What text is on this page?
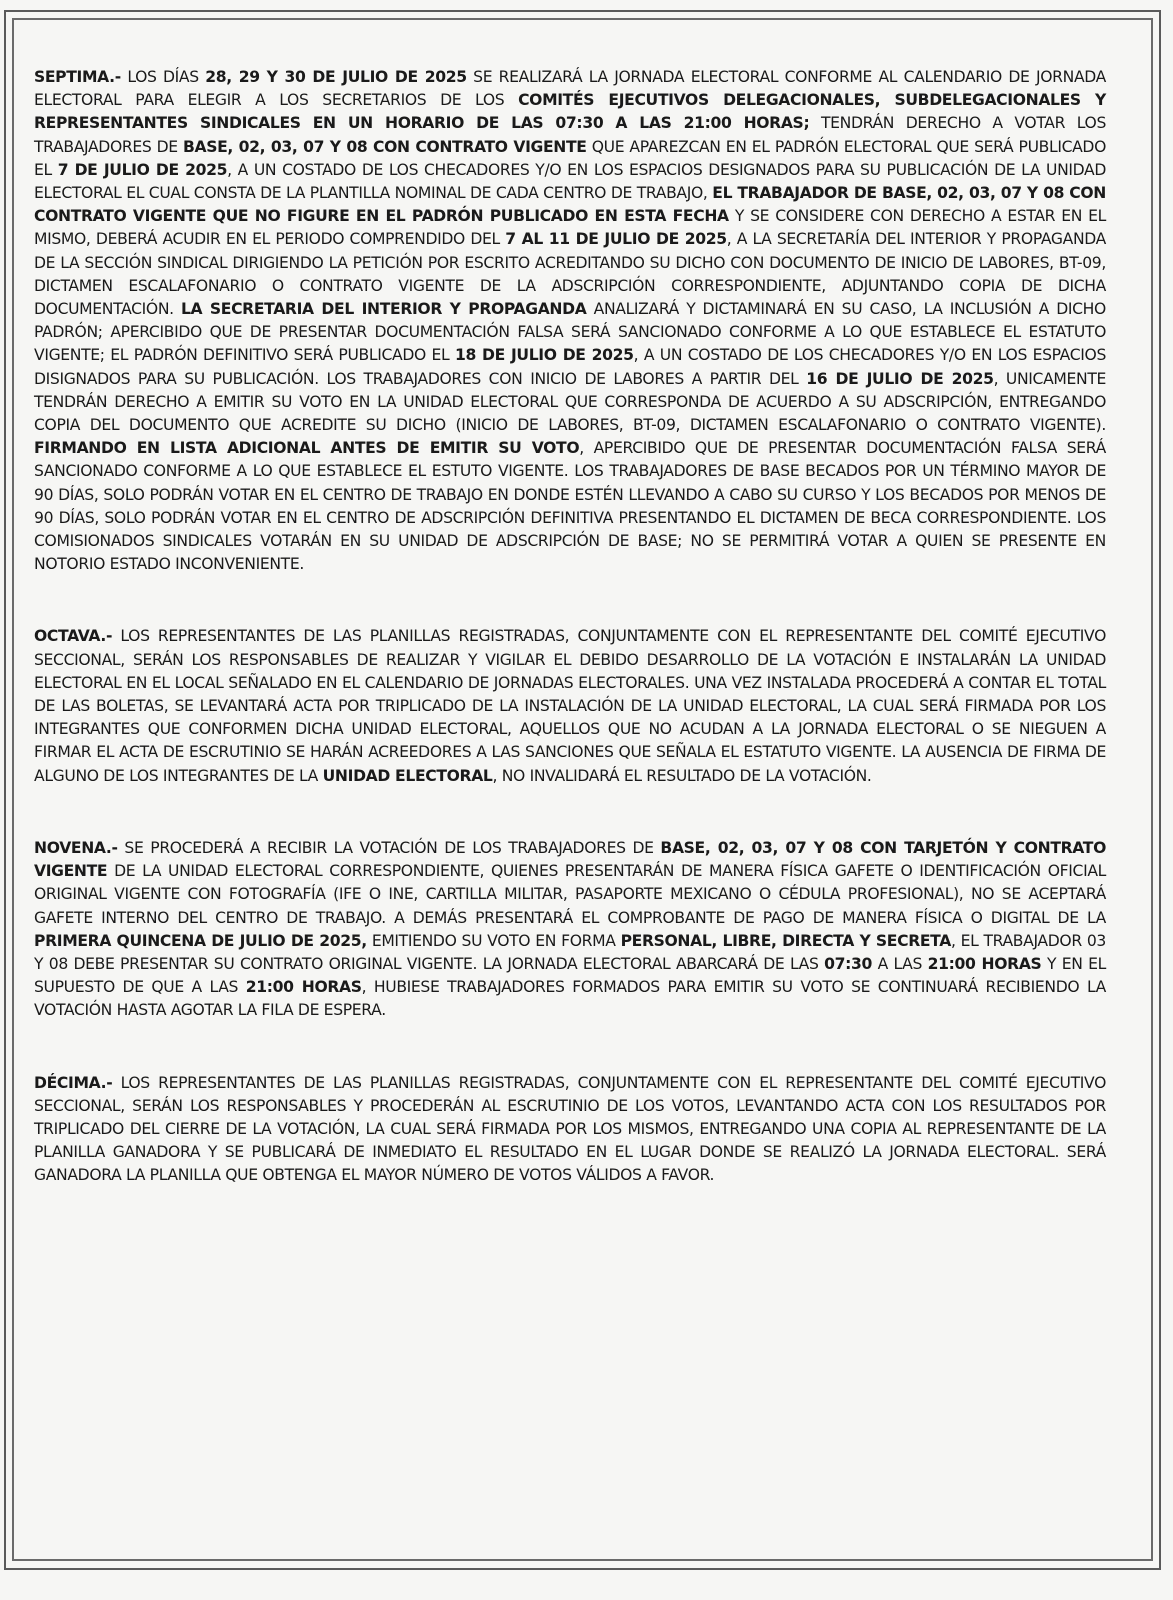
SEPTIMA.- LOS DÍAS 28, 29 Y 30 DE JULIO DE 2025 SE REALIZARÁ LA JORNADA ELECTORAL CONFORME AL CALENDARIO DE JORNADA ELECTORAL PARA ELEGIR A LOS SECRETARIOS DE LOS COMITÉS EJECUTIVOS DELEGACIONALES, SUBDELEGACIONALES Y REPRESENTANTES SINDICALES EN UN HORARIO DE LAS 07:30 A LAS 21:00 HORAS; TENDRÁN DERECHO A VOTAR LOS TRABAJADORES DE BASE, 02, 03, 07 Y 08 CON CONTRATO VIGENTE QUE APAREZCAN EN EL PADRÓN ELECTORAL QUE SERÁ PUBLICADO EL 7 DE JULIO DE 2025, A UN COSTADO DE LOS CHECADORES Y/O EN LOS ESPACIOS DESIGNADOS PARA SU PUBLICACIÓN DE LA UNIDAD ELECTORAL EL CUAL CONSTA DE LA PLANTILLA NOMINAL DE CADA CENTRO DE TRABAJO, EL TRABAJADOR DE BASE, 02, 03, 07 Y 08 CON CONTRATO VIGENTE QUE NO FIGURE EN EL PADRÓN PUBLICADO EN ESTA FECHA Y SE CONSIDERE CON DERECHO A ESTAR EN EL MISMO, DEBERÁ ACUDIR EN EL PERIODO COMPRENDIDO DEL 7 AL 11 DE JULIO DE 2025, A LA SECRETARÍA DEL INTERIOR Y PROPAGANDA DE LA SECCIÓN SINDICAL DIRIGIENDO LA PETICIÓN POR ESCRITO ACREDITANDO SU DICHO CON DOCUMENTO DE INICIO DE LABORES, BT-09, DICTAMEN ESCALAFONARIO O CONTRATO VIGENTE DE LA ADSCRIPCIÓN CORRESPONDIENTE, ADJUNTANDO COPIA DE DICHA DOCUMENTACIÓN. LA SECRETARIA DEL INTERIOR Y PROPAGANDA ANALIZARÁ Y DICTAMINARÁ EN SU CASO, LA INCLUSIÓN A DICHO PADRÓN; APERCIBIDO QUE DE PRESENTAR DOCUMENTACIÓN FALSA SERÁ SANCIONADO CONFORME A LO QUE ESTABLECE EL ESTATUTO VIGENTE; EL PADRÓN DEFINITIVO SERÁ PUBLICADO EL 18 DE JULIO DE 2025, A UN COSTADO DE LOS CHECADORES Y/O EN LOS ESPACIOS DISIGNADOS PARA SU PUBLICACIÓN. LOS TRABAJADORES CON INICIO DE LABORES A PARTIR DEL 16 DE JULIO DE 2025, UNICAMENTE TENDRÁN DERECHO A EMITIR SU VOTO EN LA UNIDAD ELECTORAL QUE CORRESPONDA DE ACUERDO A SU ADSCRIPCIÓN, ENTREGANDO COPIA DEL DOCUMENTO QUE ACREDITE SU DICHO (INICIO DE LABORES, BT-09, DICTAMEN ESCALAFONARIO O CONTRATO VIGENTE). FIRMANDO EN LISTA ADICIONAL ANTES DE EMITIR SU VOTO, APERCIBIDO QUE DE PRESENTAR DOCUMENTACIÓN FALSA SERÁ SANCIONADO CONFORME A LO QUE ESTABLECE EL ESTUTO VIGENTE. LOS TRABAJADORES DE BASE BECADOS POR UN TÉRMINO MAYOR DE 90 DÍAS, SOLO PODRÁN VOTAR EN EL CENTRO DE TRABAJO EN DONDE ESTÉN LLEVANDO A CABO SU CURSO Y LOS BECADOS POR MENOS DE 90 DÍAS, SOLO PODRÁN VOTAR EN EL CENTRO DE ADSCRIPCIÓN DEFINITIVA PRESENTANDO EL DICTAMEN DE BECA CORRESPONDIENTE. LOS COMISIONADOS SINDICALES VOTARÁN EN SU UNIDAD DE ADSCRIPCIÓN DE BASE; NO SE PERMITIRÁ VOTAR A QUIEN SE PRESENTE EN NOTORIO ESTADO INCONVENIENTE.

OCTAVA.- LOS REPRESENTANTES DE LAS PLANILLAS REGISTRADAS, CONJUNTAMENTE CON EL REPRESENTANTE DEL COMITÉ EJECUTIVO SECCIONAL, SERÁN LOS RESPONSABLES DE REALIZAR Y VIGILAR EL DEBIDO DESARROLLO DE LA VOTACIÓN E INSTALARÁN LA UNIDAD ELECTORAL EN EL LOCAL SEÑALADO EN EL CALENDARIO DE JORNADAS ELECTORALES. UNA VEZ INSTALADA PROCEDERÁ A CONTAR EL TOTAL DE LAS BOLETAS, SE LEVANTARÁ ACTA POR TRIPLICADO DE LA INSTALACIÓN DE LA UNIDAD ELECTORAL, LA CUAL SERÁ FIRMADA POR LOS INTEGRANTES QUE CONFORMEN DICHA UNIDAD ELECTORAL, AQUELLOS QUE NO ACUDAN A LA JORNADA ELECTORAL O SE NIEGUEN A FIRMAR EL ACTA DE ESCRUTINIO SE HARÁN ACREEDORES A LAS SANCIONES QUE SEÑALA EL ESTATUTO VIGENTE. LA AUSENCIA DE FIRMA DE ALGUNO DE LOS INTEGRANTES DE LA UNIDAD ELECTORAL, NO INVALIDARÁ EL RESULTADO DE LA VOTACIÓN.

NOVENA.- SE PROCEDERÁ A RECIBIR LA VOTACIÓN DE LOS TRABAJADORES DE BASE, 02, 03, 07 Y 08 CON TARJETÓN Y CONTRATO VIGENTE DE LA UNIDAD ELECTORAL CORRESPONDIENTE, QUIENES PRESENTARÁN DE MANERA FÍSICA GAFETE O IDENTIFICACIÓN OFICIAL ORIGINAL VIGENTE CON FOTOGRAFÍA (IFE O INE, CARTILLA MILITAR, PASAPORTE MEXICANO O CÉDULA PROFESIONAL), NO SE ACEPTARÁ GAFETE INTERNO DEL CENTRO DE TRABAJO. A DEMÁS PRESENTARÁ EL COMPROBANTE DE PAGO DE MANERA FÍSICA O DIGITAL DE LA PRIMERA QUINCENA DE JULIO DE 2025, EMITIENDO SU VOTO EN FORMA PERSONAL, LIBRE, DIRECTA Y SECRETA, EL TRABAJADOR 03 Y 08 DEBE PRESENTAR SU CONTRATO ORIGINAL VIGENTE. LA JORNADA ELECTORAL ABARCARÁ DE LAS 07:30 A LAS 21:00 HORAS Y EN EL SUPUESTO DE QUE A LAS 21:00 HORAS, HUBIESE TRABAJADORES FORMADOS PARA EMITIR SU VOTO SE CONTINUARÁ RECIBIENDO LA VOTACIÓN HASTA AGOTAR LA FILA DE ESPERA.

DÉCIMA.- LOS REPRESENTANTES DE LAS PLANILLAS REGISTRADAS, CONJUNTAMENTE CON EL REPRESENTANTE DEL COMITÉ EJECUTIVO SECCIONAL, SERÁN LOS RESPONSABLES Y PROCEDERÁN AL ESCRUTINIO DE LOS VOTOS, LEVANTANDO ACTA CON LOS RESULTADOS POR TRIPLICADO DEL CIERRE DE LA VOTACIÓN, LA CUAL SERÁ FIRMADA POR LOS MISMOS, ENTREGANDO UNA COPIA AL REPRESENTANTE DE LA PLANILLA GANADORA Y SE PUBLICARÁ DE INMEDIATO EL RESULTADO EN EL LUGAR DONDE SE REALIZÓ LA JORNADA ELECTORAL. SERÁ GANADORA LA PLANILLA QUE OBTENGA EL MAYOR NÚMERO DE VOTOS VÁLIDOS A FAVOR.
